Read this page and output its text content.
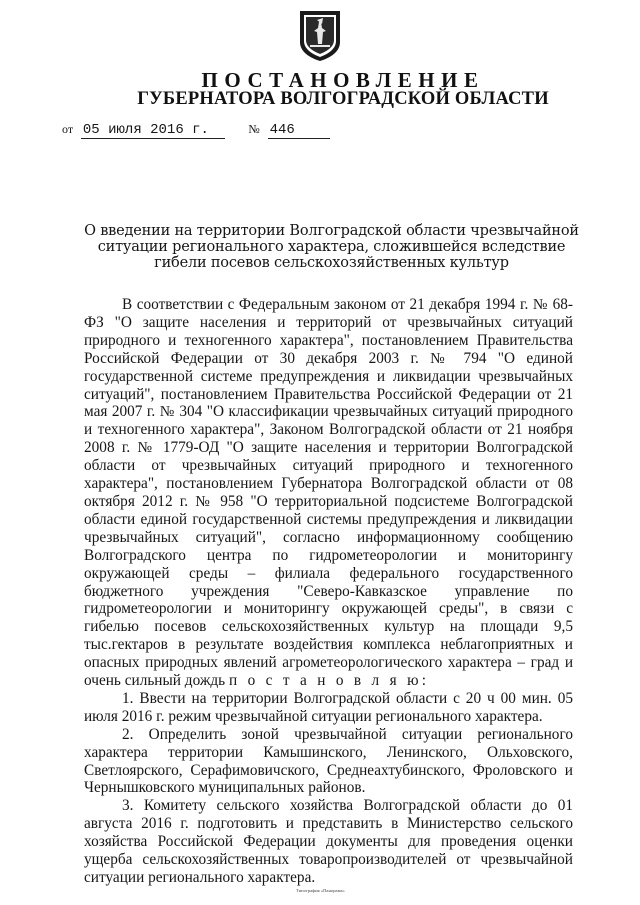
ПОСТАНОВЛЕНИЕ
ГУБЕРНАТОРА ВОЛГОГРАДСКОЙ ОБЛАСТИ
от 05 июля 2016 г.	№ 446
О введении на территории Волгоградской области чрезвычайной ситуации регионального характера, сложившейся вследствие гибели посевов сельскохозяйственных культур

В соответствии с Федеральным законом от 21 декабря 1994 г. № 68-ФЗ "О защите населения и территорий от чрезвычайных ситуаций природного и техногенного характера", постановлением Правительства Российской Федерации от 30 декабря 2003 г. № 794 "О единой государственной системе предупреждения и ликвидации чрезвычайных ситуаций", постановлением Правительства Российской Федерации от 21 мая 2007 г. № 304 "О классификации чрезвычайных ситуаций природного и техногенного характера", Законом Волгоградской области от 21 ноября 2008 г. № 1779-ОД "О защите населения и территории Волгоградской области от чрезвычайных ситуаций природного и техногенного характера", постановлением Губернатора Волгоградской области от 08 октября 2012 г. № 958 "О территориальной подсистеме Волгоградской области единой государственной системы предупреждения и ликвидации чрезвычайных ситуаций", согласно информационному сообщению Волгоградского центра по гидрометеорологии и мониторингу окружающей среды – филиала федерального государственного бюджетного учреждения "Северо-Кавказское управление по гидрометеорологии и мониторингу окружающей среды", в связи с гибелью посевов сельскохозяйственных культур на площади 9,5 тыс.гектаров в результате воздействия комплекса неблагоприятных и опасных природных явлений агрометеорологического характера – град и очень сильный дождь п о с т а н о в л я ю:

1. Ввести на территории Волгоградской области с 20 ч 00 мин. 05 июля 2016 г. режим чрезвычайной ситуации регионального характера.

2. Определить зоной чрезвычайной ситуации регионального характера территории Камышинского, Ленинского, Ольховского, Светлоярского, Серафимовичского, Среднеахтубинского, Фроловского и Чернышковского муниципальных районов.

3. Комитету сельского хозяйства Волгоградской области до 01 августа 2016 г. подготовить и представить в Министерство сельского хозяйства Российской Федерации документы для проведения оценки ущерба сельскохозяйственных товаропроизводителей от чрезвычайной ситуации регионального характера.

Типография «Панорама»
